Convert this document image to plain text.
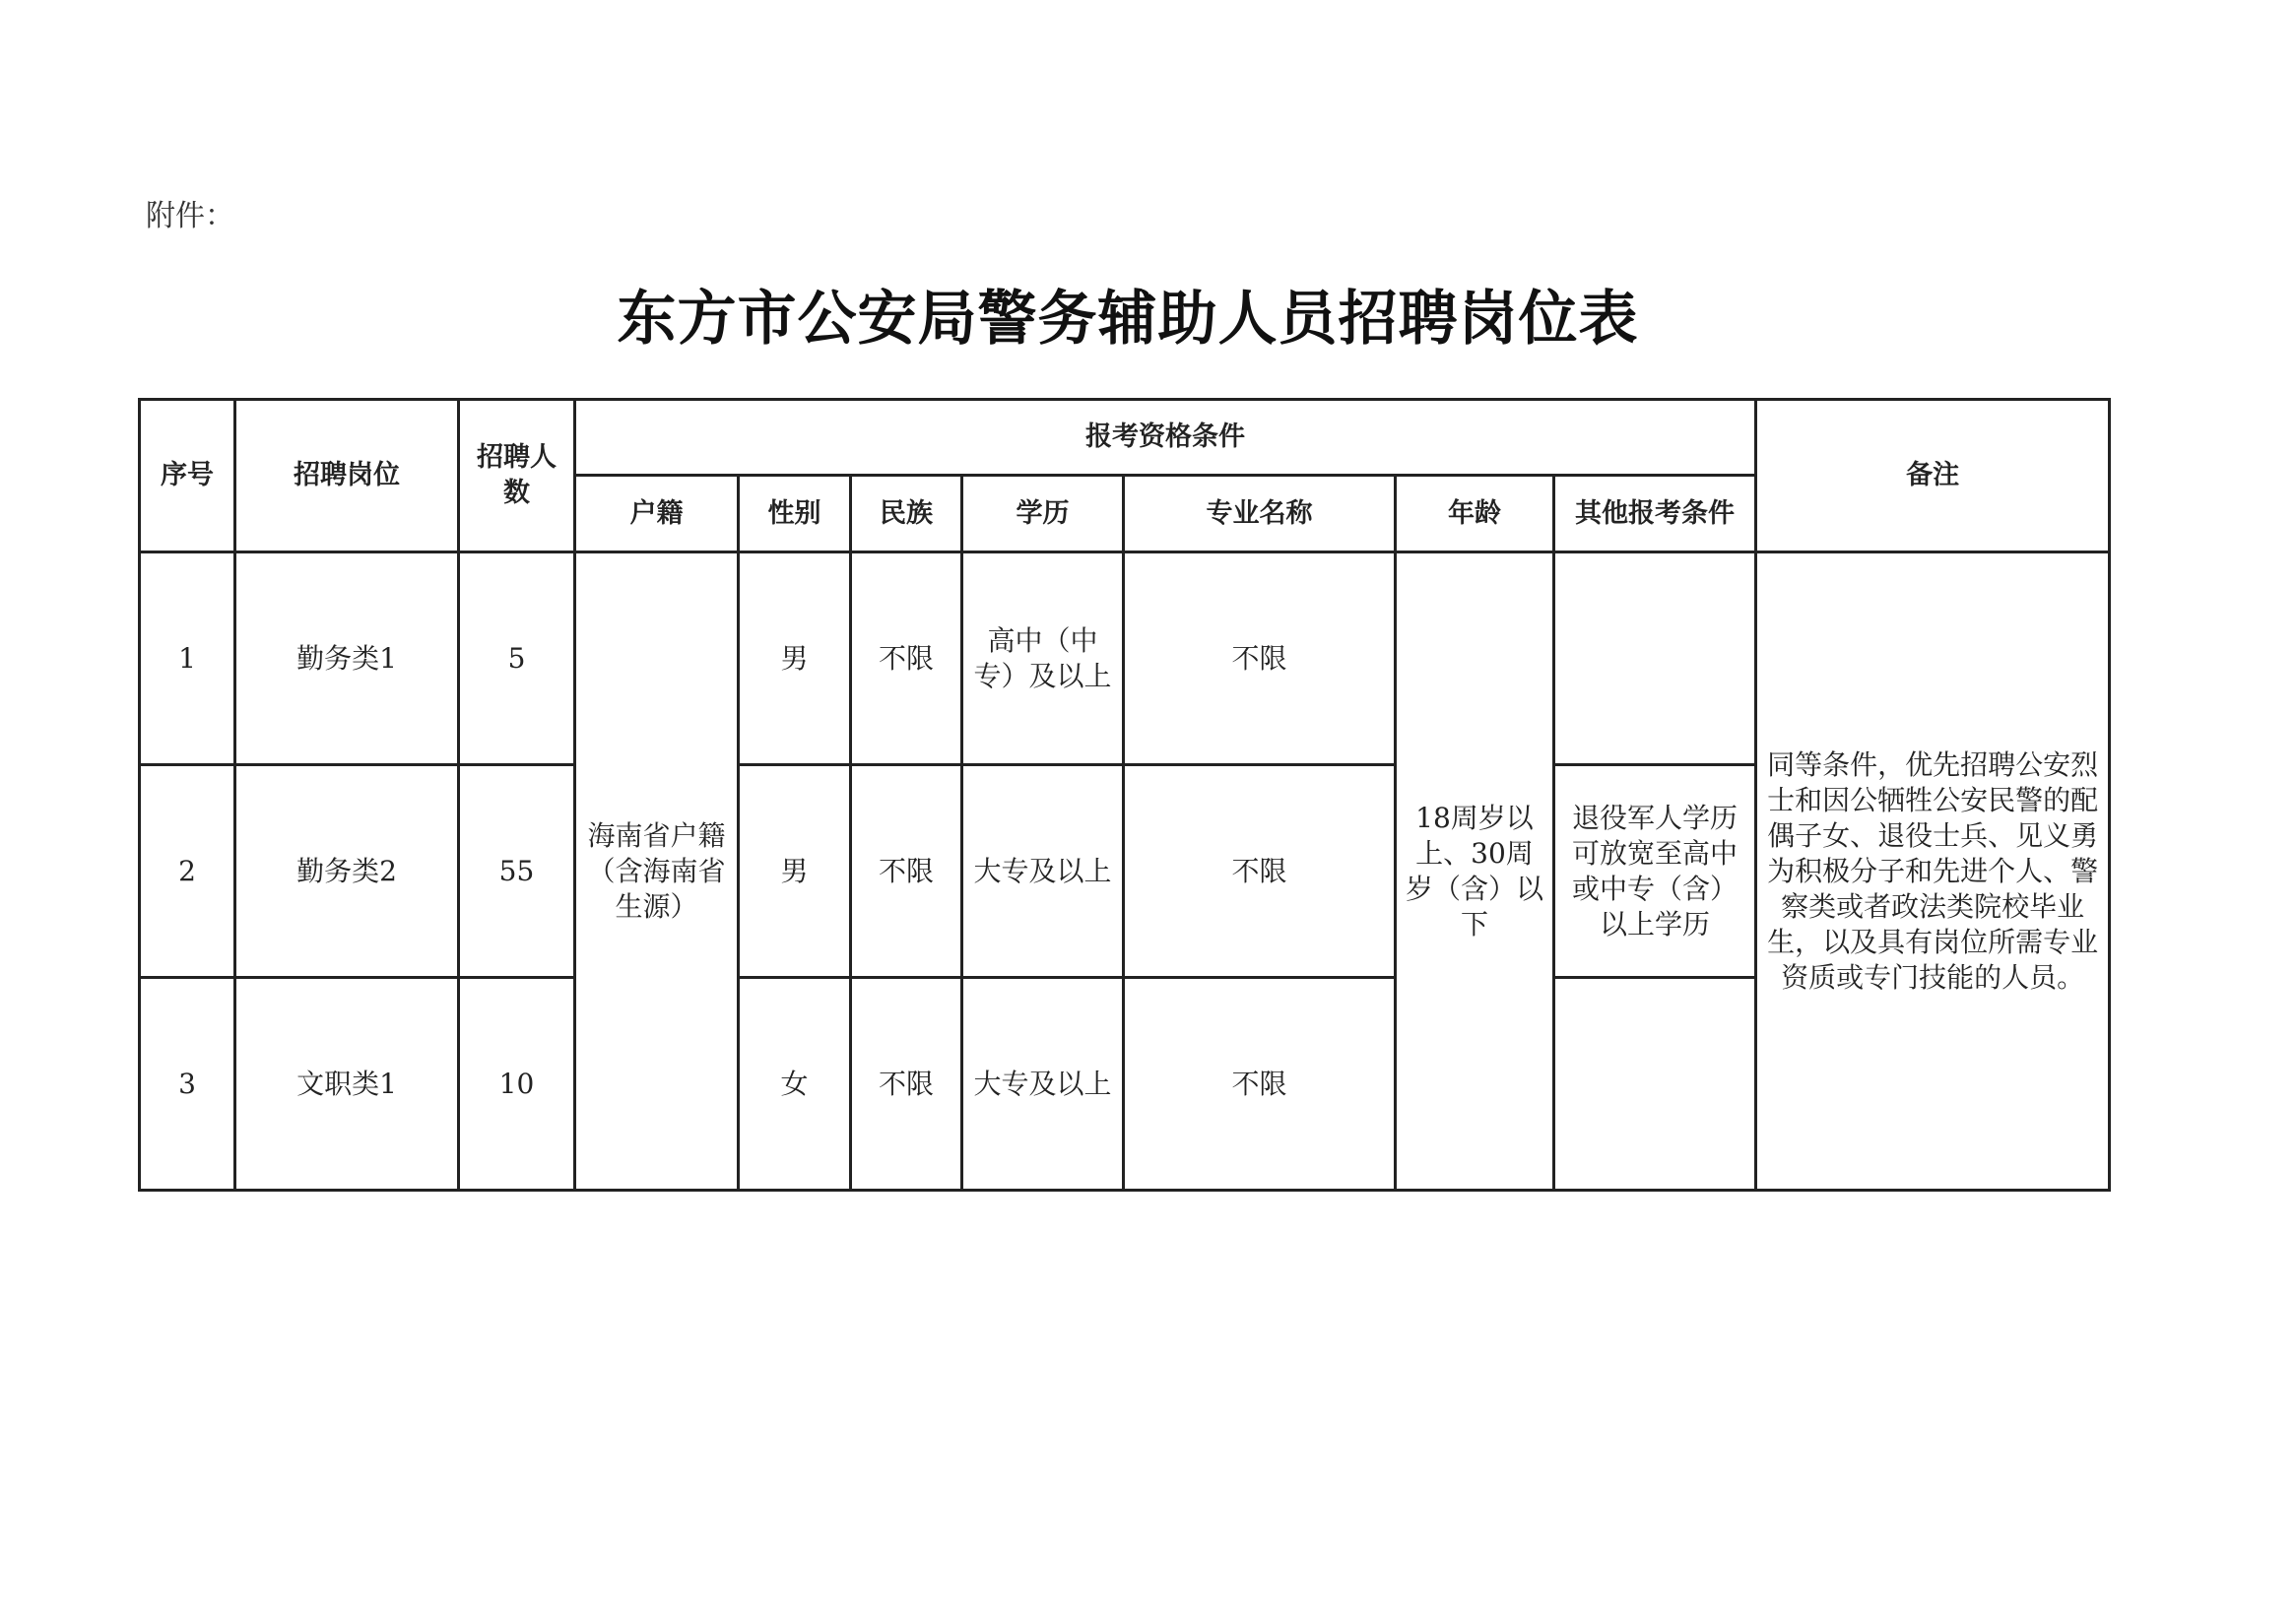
附件：
东方市公安局警务辅助人员招聘岗位表
序号	招聘岗位	招聘人数	报考资格条件							备注
			户籍	性别	民族	学历	专业名称	年龄	其他报考条件	
1	勤务类1	5	海南省户籍（含海南省生源）	男	不限	高中（中专）及以上	不限	18周岁以上、30周岁（含）以下		同等条件，优先招聘公安烈士和因公牺牲公安民警的配偶子女、退役士兵、见义勇为积极分子和先进个人、警察类或者政法类院校毕业生，以及具有岗位所需专业资质或专门技能的人员。
2	勤务类2	55		男	不限	大专及以上	不限		退役军人学历可放宽至高中或中专（含）以上学历	
3	文职类1	10		女	不限	大专及以上	不限			
